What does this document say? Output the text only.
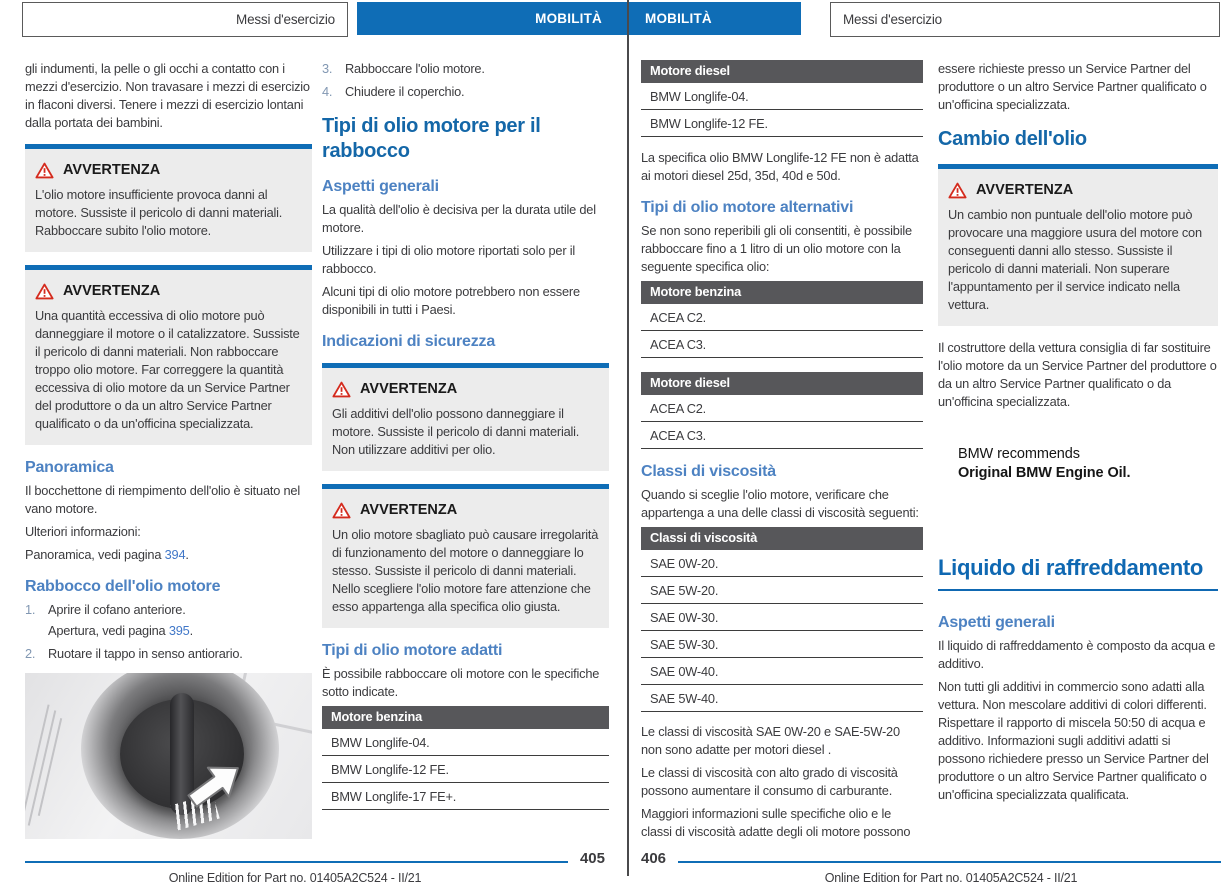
Messi d'esercizio	MOBILITÀ	MOBILITÀ	Messi d'esercizio

gli indumenti, la pelle o gli occhi a contatto con i mezzi d'esercizio. Non travasare i mezzi di esercizio in flaconi diversi. Tenere i mezzi di esercizio lontani dalla portata dei bambini.

AVVERTENZA

L'olio motore insufficiente provoca danni al motore. Sussiste il pericolo di danni materiali. Rabboccare subito l'olio motore.

AVVERTENZA

Una quantità eccessiva di olio motore può danneggiare il motore o il catalizzatore. Sussiste il pericolo di danni materiali. Non rabboccare troppo olio motore. Far correggere la quantità eccessiva di olio motore da un Service Partner del produttore o da un altro Service Partner qualificato o da un'officina specializzata.

Panoramica

Il bocchettone di riempimento dell'olio è situato nel vano motore.

Ulteriori informazioni:

Panoramica, vedi pagina 394.

Rabbocco dell'olio motore
1. Aprire il cofano anteriore.
Apertura, vedi pagina 395.
2. Ruotare il tappo in senso antiorario.
3. Rabboccare l'olio motore.
4. Chiudere il coperchio.
Tipi di olio motore per il rabbocco
Aspetti generali

La qualità dell'olio è decisiva per la durata utile del motore.

Utilizzare i tipi di olio motore riportati solo per il rabbocco.

Alcuni tipi di olio motore potrebbero non essere disponibili in tutti i Paesi.

Indicazioni di sicurezza
AVVERTENZA

Gli additivi dell'olio possono danneggiare il motore. Sussiste il pericolo di danni materiali. Non utilizzare additivi per olio.

AVVERTENZA

Un olio motore sbagliato può causare irregolarità di funzionamento del motore o danneggiare lo stesso. Sussiste il pericolo di danni materiali. Nello scegliere l'olio motore fare attenzione che esso appartenga alla specifica olio giusta.

Tipi di olio motore adatti

È possibile rabboccare oli motore con le specifiche sotto indicate.

Motore benzina
BMW Longlife-04.
BMW Longlife-12 FE.
BMW Longlife-17 FE+.
Motore diesel
BMW Longlife-04.
BMW Longlife-12 FE.

La specifica olio BMW Longlife-12 FE non è adatta ai motori diesel 25d, 35d, 40d e 50d.

Tipi di olio motore alternativi

Se non sono reperibili gli oli consentiti, è possibile rabboccare fino a 1 litro di un olio motore con la seguente specifica olio:

Motore benzina
ACEA C2.
ACEA C3.
Motore diesel
ACEA C2.
ACEA C3.
Classi di viscosità

Quando si sceglie l'olio motore, verificare che appartenga a una delle classi di viscosità seguenti:

Classi di viscosità
SAE 0W-20.
SAE 5W-20.
SAE 0W-30.
SAE 5W-30.
SAE 0W-40.
SAE 5W-40.

Le classi di viscosità SAE 0W-20 e SAE-5W-20 non sono adatte per motori diesel .

Le classi di viscosità con alto grado di viscosità possono aumentare il consumo di carburante.

Maggiori informazioni sulle specifiche olio e le classi di viscosità adatte degli oli motore possono

essere richieste presso un Service Partner del produttore o un altro Service Partner qualificato o un'officina specializzata.

Cambio dell'olio
AVVERTENZA

Un cambio non puntuale dell'olio motore può provocare una maggiore usura del motore con conseguenti danni allo stesso. Sussiste il pericolo di danni materiali. Non superare l'appuntamento per il service indicato nella vettura.

Il costruttore della vettura consiglia di far sostituire l'olio motore da un Service Partner del produttore o da un altro Service Partner qualificato o da un'officina specializzata.

BMW recommends
Original BMW Engine Oil.
Liquido di raffreddamento
Aspetti generali

Il liquido di raffreddamento è composto da acqua e additivo.

Non tutti gli additivi in commercio sono adatti alla vettura. Non mescolare additivi di colori differenti. Rispettare il rapporto di miscela 50:50 di acqua e additivo. Informazioni sugli additivi adatti si possono richiedere presso un Service Partner del produttore o un altro Service Partner qualificato o un'officina specializzata qualificata.

405
Online Edition for Part no. 01405A2C524 - II/21
406
Online Edition for Part no. 01405A2C524 - II/21
